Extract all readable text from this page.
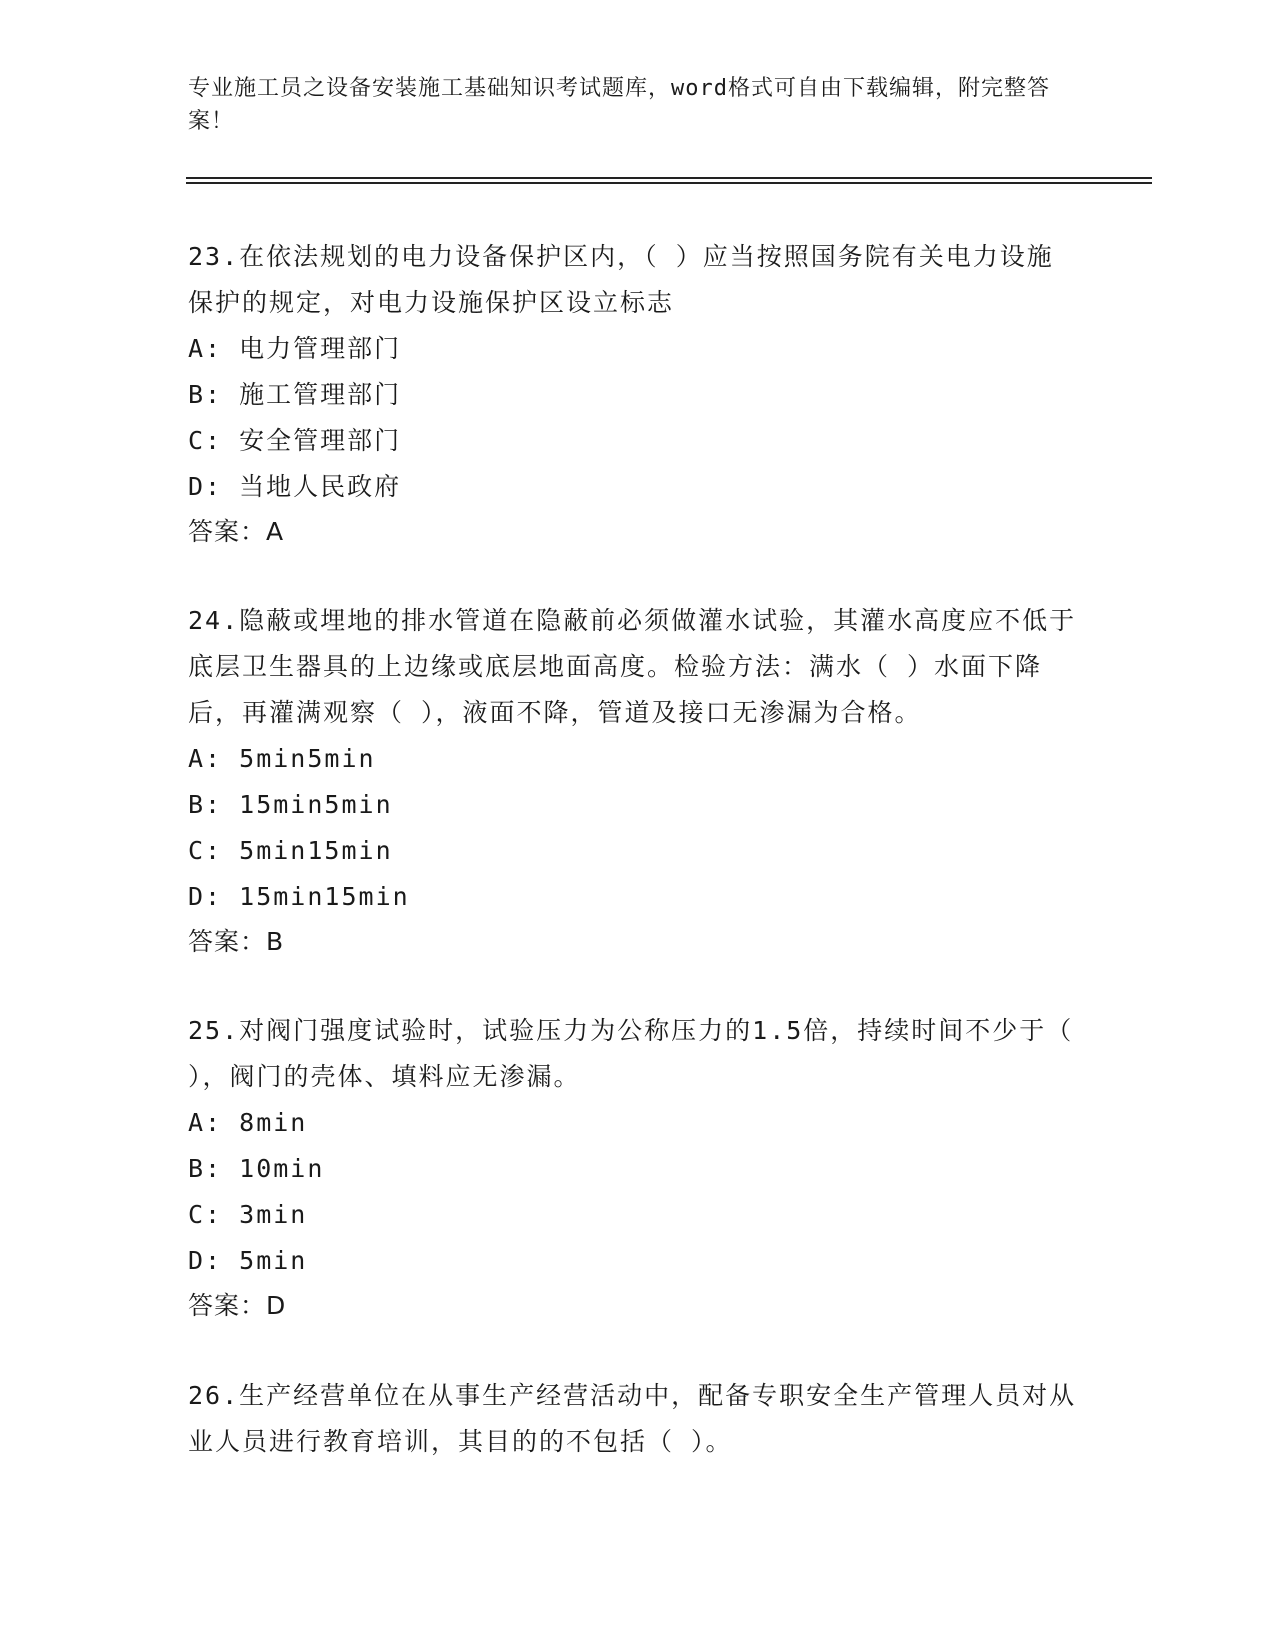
专业施工员之设备安装施工基础知识考试题库，word格式可自由下载编辑，附完整答案！
23.在依法规划的电力设备保护区内，（ ）应当按照国务院有关电力设施保护的规定，对电力设施保护区设立标志
A: 电力管理部门
B: 施工管理部门
C: 安全管理部门
D: 当地人民政府
答案：A
24.隐蔽或埋地的排水管道在隐蔽前必须做灌水试验，其灌水高度应不低于底层卫生器具的上边缘或底层地面高度。检验方法：满水（ ）水面下降后，再灌满观察（ ），液面不降，管道及接口无渗漏为合格。
A: 5min5min
B: 15min5min
C: 5min15min
D: 15min15min
答案：B
25.对阀门强度试验时，试验压力为公称压力的1.5倍，持续时间不少于（ ），阀门的壳体、填料应无渗漏。
A: 8min
B: 10min
C: 3min
D: 5min
答案：D
26.生产经营单位在从事生产经营活动中，配备专职安全生产管理人员对从业人员进行教育培训，其目的的不包括（ ）。
